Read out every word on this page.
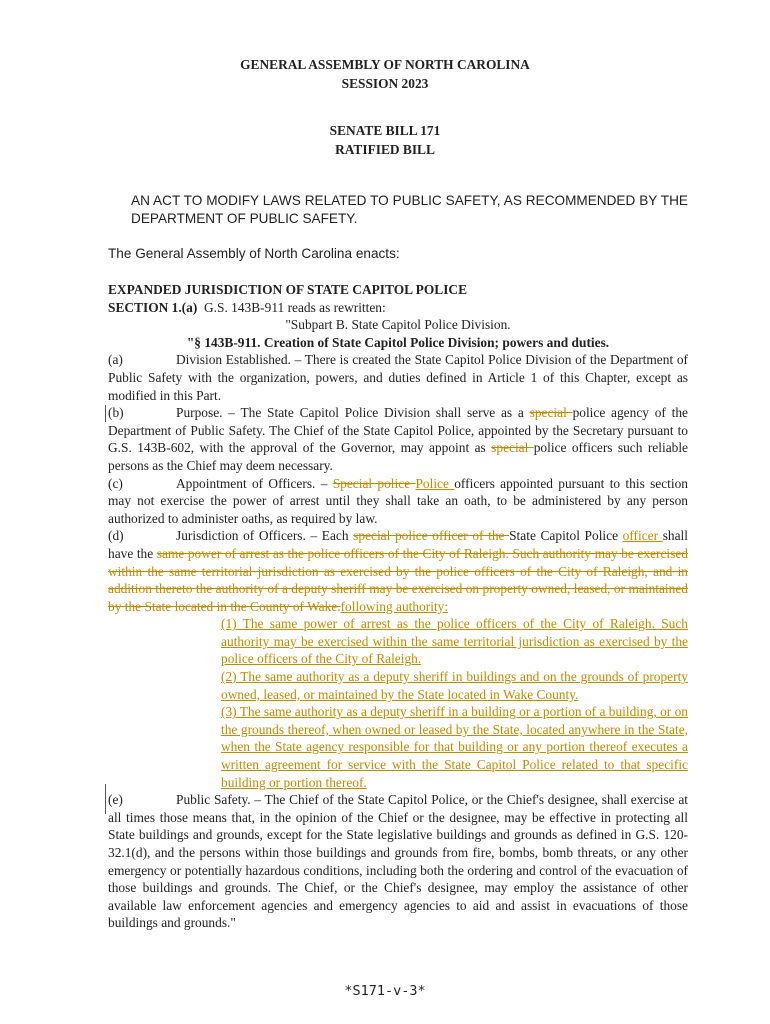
GENERAL ASSEMBLY OF NORTH CAROLINA
SESSION 2023
SENATE BILL 171
RATIFIED BILL
AN ACT TO MODIFY LAWS RELATED TO PUBLIC SAFETY, AS RECOMMENDED BY THE DEPARTMENT OF PUBLIC SAFETY.
The General Assembly of North Carolina enacts:

EXPANDED JURISDICTION OF STATE CAPITOL POLICE

SECTION 1.(a) G.S. 143B-911 reads as rewritten:

"Subpart B. State Capitol Police Division.

"§ 143B-911. Creation of State Capitol Police Division; powers and duties.

(a)	Division Established. – There is created the State Capitol Police Division of the Department of Public Safety with the organization, powers, and duties defined in Article 1 of this Chapter, except as modified in this Part.

(b)	Purpose. – The State Capitol Police Division shall serve as a special police agency of the Department of Public Safety. The Chief of the State Capitol Police, appointed by the Secretary pursuant to G.S. 143B-602, with the approval of the Governor, may appoint as special police officers such reliable persons as the Chief may deem necessary.

(c)	Appointment of Officers. – Special police Police officers appointed pursuant to this section may not exercise the power of arrest until they shall take an oath, to be administered by any person authorized to administer oaths, as required by law.

(d)	Jurisdiction of Officers. – Each special police officer of the State Capitol Police officer shall have the same power of arrest as the police officers of the City of Raleigh. Such authority may be exercised within the same territorial jurisdiction as exercised by the police officers of the City of Raleigh, and in addition thereto the authority of a deputy sheriff may be exercised on property owned, leased, or maintained by the State located in the County of Wake.following authority:

(1) The same power of arrest as the police officers of the City of Raleigh. Such authority may be exercised within the same territorial jurisdiction as exercised by the police officers of the City of Raleigh.

(2) The same authority as a deputy sheriff in buildings and on the grounds of property owned, leased, or maintained by the State located in Wake County.

(3) The same authority as a deputy sheriff in a building or a portion of a building, or on the grounds thereof, when owned or leased by the State, located anywhere in the State, when the State agency responsible for that building or any portion thereof executes a written agreement for service with the State Capitol Police related to that specific building or portion thereof.

(e)	Public Safety. – The Chief of the State Capitol Police, or the Chief's designee, shall exercise at all times those means that, in the opinion of the Chief or the designee, may be effective in protecting all State buildings and grounds, except for the State legislative buildings and grounds as defined in G.S. 120-32.1(d), and the persons within those buildings and grounds from fire, bombs, bomb threats, or any other emergency or potentially hazardous conditions, including both the ordering and control of the evacuation of those buildings and grounds. The Chief, or the Chief's designee, may employ the assistance of other available law enforcement agencies and emergency agencies to aid and assist in evacuations of those buildings and grounds."

*S171-v-3*
